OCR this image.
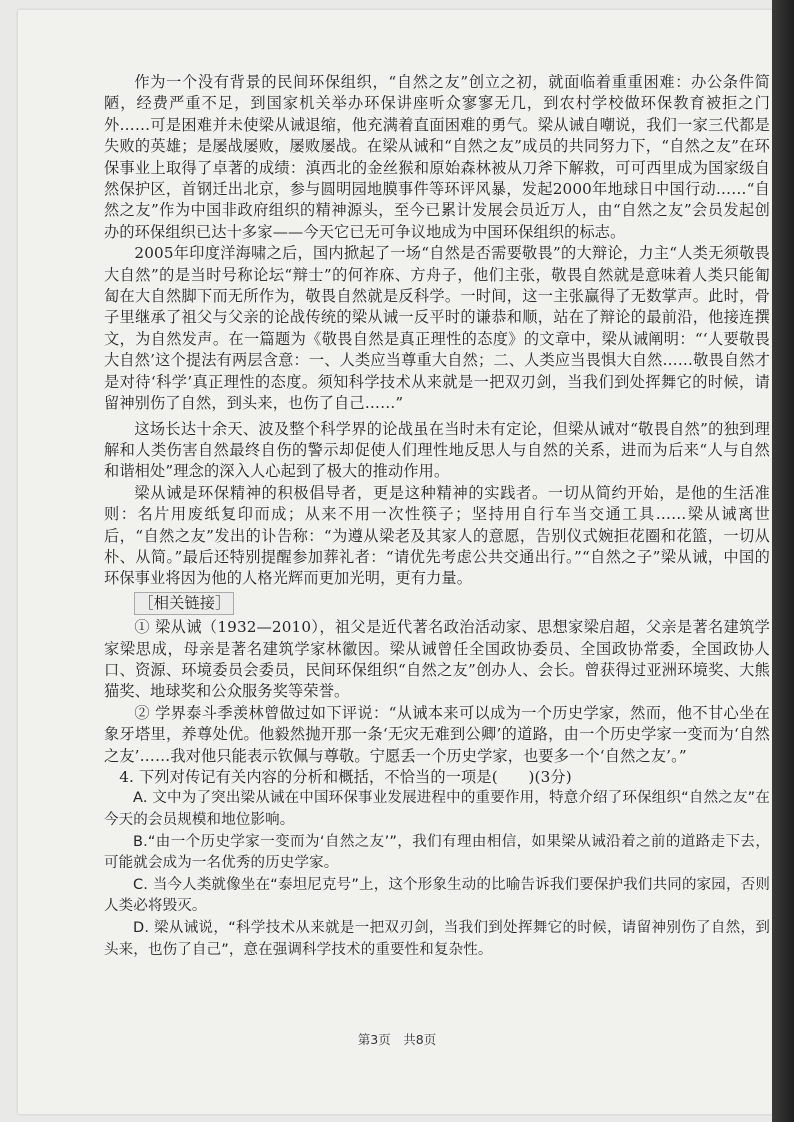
作为一个没有背景的民间环保组织，“自然之友”创立之初，就面临着重重困难：办公条件简陋，经费严重不足，到国家机关举办环保讲座听众寥寥无几，到农村学校做环保教育被拒之门外……可是困难并未使梁从诫退缩，他充满着直面困难的勇气。梁从诫自嘲说，我们一家三代都是失败的英雄；是屡战屡败，屡败屡战。在梁从诫和“自然之友”成员的共同努力下，“自然之友”在环保事业上取得了卓著的成绩：滇西北的金丝猴和原始森林被从刀斧下解救，可可西里成为国家级自然保护区，首钢迁出北京，参与圆明园地膜事件等环评风暴，发起2000年地球日中国行动……“自然之友”作为中国非政府组织的精神源头，至今已累计发展会员近万人，由“自然之友”会员发起创办的环保组织已达十多家——今天它已无可争议地成为中国环保组织的标志。

2005年印度洋海啸之后，国内掀起了一场“自然是否需要敬畏”的大辩论，力主“人类无须敬畏大自然”的是当时号称论坛“辩士”的何祚庥、方舟子，他们主张，敬畏自然就是意味着人类只能匍匐在大自然脚下而无所作为，敬畏自然就是反科学。一时间，这一主张赢得了无数掌声。此时，骨子里继承了祖父与父亲的论战传统的梁从诫一反平时的谦恭和顺，站在了辩论的最前沿，他接连撰文，为自然发声。在一篇题为《敬畏自然是真正理性的态度》的文章中，梁从诫阐明：“‘人要敬畏大自然’这个提法有两层含意：一、人类应当尊重大自然；二、人类应当畏惧大自然……敬畏自然才是对待‘科学’真正理性的态度。须知科学技术从来就是一把双刃剑，当我们到处挥舞它的时候，请留神别伤了自然，到头来，也伤了自己……”

这场长达十余天、波及整个科学界的论战虽在当时未有定论，但梁从诫对“敬畏自然”的独到理解和人类伤害自然最终自伤的警示却促使人们理性地反思人与自然的关系，进而为后来“人与自然和谐相处”理念的深入人心起到了极大的推动作用。

梁从诫是环保精神的积极倡导者，更是这种精神的实践者。一切从简约开始，是他的生活准则：名片用废纸复印而成；从来不用一次性筷子；坚持用自行车当交通工具……梁从诫离世后，“自然之友”发出的讣告称：“为遵从梁老及其家人的意愿，告别仪式婉拒花圈和花篮，一切从朴、从简。”最后还特别提醒参加葬礼者：“请优先考虑公共交通出行。”“自然之子”梁从诫，中国的环保事业将因为他的人格光辉而更加光明，更有力量。

［相关链接］

① 梁从诫（1932—2010），祖父是近代著名政治活动家、思想家梁启超，父亲是著名建筑学家梁思成，母亲是著名建筑学家林徽因。梁从诫曾任全国政协委员、全国政协常委，全国政协人口、资源、环境委员会委员，民间环保组织“自然之友”创办人、会长。曾获得过亚洲环境奖、大熊猫奖、地球奖和公众服务奖等荣誉。

② 学界泰斗季羡林曾做过如下评说：“从诫本来可以成为一个历史学家，然而，他不甘心坐在象牙塔里，养尊处优。他毅然抛开那一条‘无灾无难到公卿’的道路，由一个历史学家一变而为‘自然之友’……我对他只能表示钦佩与尊敬。宁愿丢一个历史学家，也要多一个‘自然之友’。”

4. 下列对传记有关内容的分析和概括，不恰当的一项是(　　)(3分)

A. 文中为了突出梁从诫在中国环保事业发展进程中的重要作用，特意介绍了环保组织“自然之友”在今天的会员规模和地位影响。

B.“由一个历史学家一变而为‘自然之友’”，我们有理由相信，如果梁从诫沿着之前的道路走下去，可能就会成为一名优秀的历史学家。

C. 当今人类就像坐在“泰坦尼克号”上，这个形象生动的比喻告诉我们要保护我们共同的家园，否则人类必将毁灭。

D. 梁从诫说，“科学技术从来就是一把双刃剑，当我们到处挥舞它的时候，请留神别伤了自然，到头来，也伤了自己”，意在强调科学技术的重要性和复杂性。

第3页　共8页
